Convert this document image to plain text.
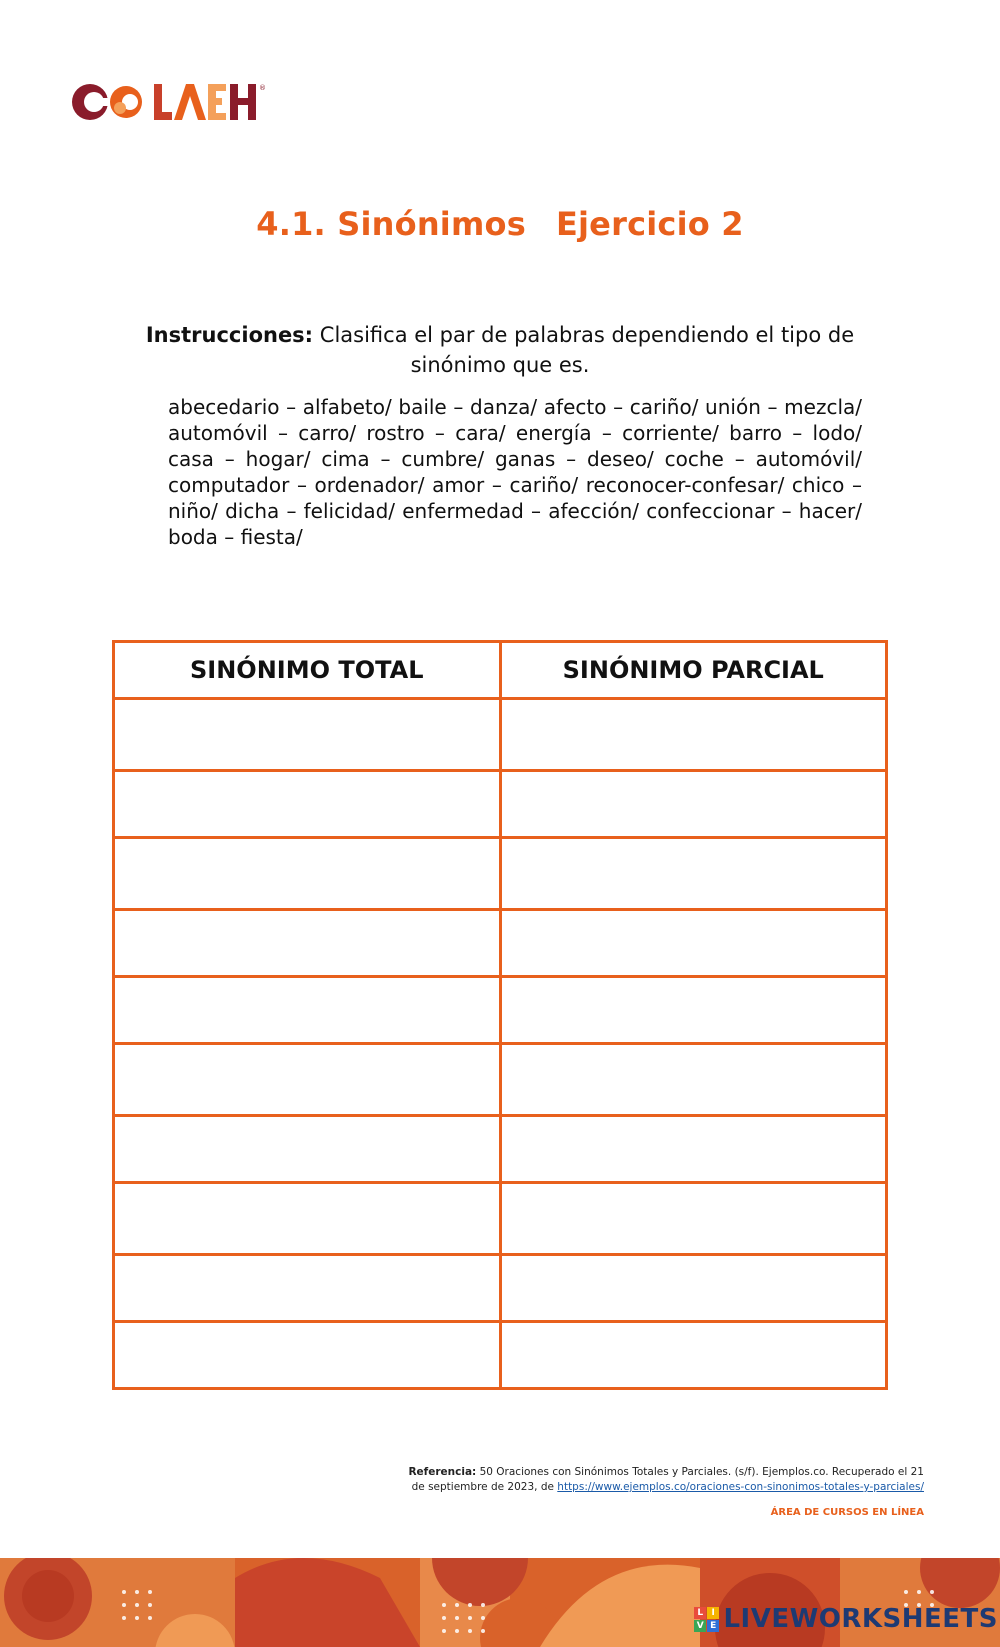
®
4.1. Sinónimos Ejercicio 2
Instrucciones: Clasifica el par de palabras dependiendo el tipo de sinónimo que es.
abecedario – alfabeto/ baile – danza/ afecto – cariño/ unión – mezcla/ automóvil – carro/ rostro – cara/ energía – corriente/ barro – lodo/ casa – hogar/ cima – cumbre/ ganas – deseo/ coche – automóvil/ computador – ordenador/ amor – cariño/ reconocer-confesar/ chico – niño/ dicha – felicidad/ enfermedad – afección/ confeccionar – hacer/ boda – fiesta/
SINÓNIMO TOTAL	SINÓNIMO PARCIAL

Referencia: 50 Oraciones con Sinónimos Totales y Parciales. (s/f). Ejemplos.co. Recuperado el 21 de septiembre de 2023, de https://www.ejemplos.co/oraciones-con-sinonimos-totales-y-parciales/
ÁREA DE CURSOS EN LÍNEA
L I
V E LIVEWORKSHEETS
